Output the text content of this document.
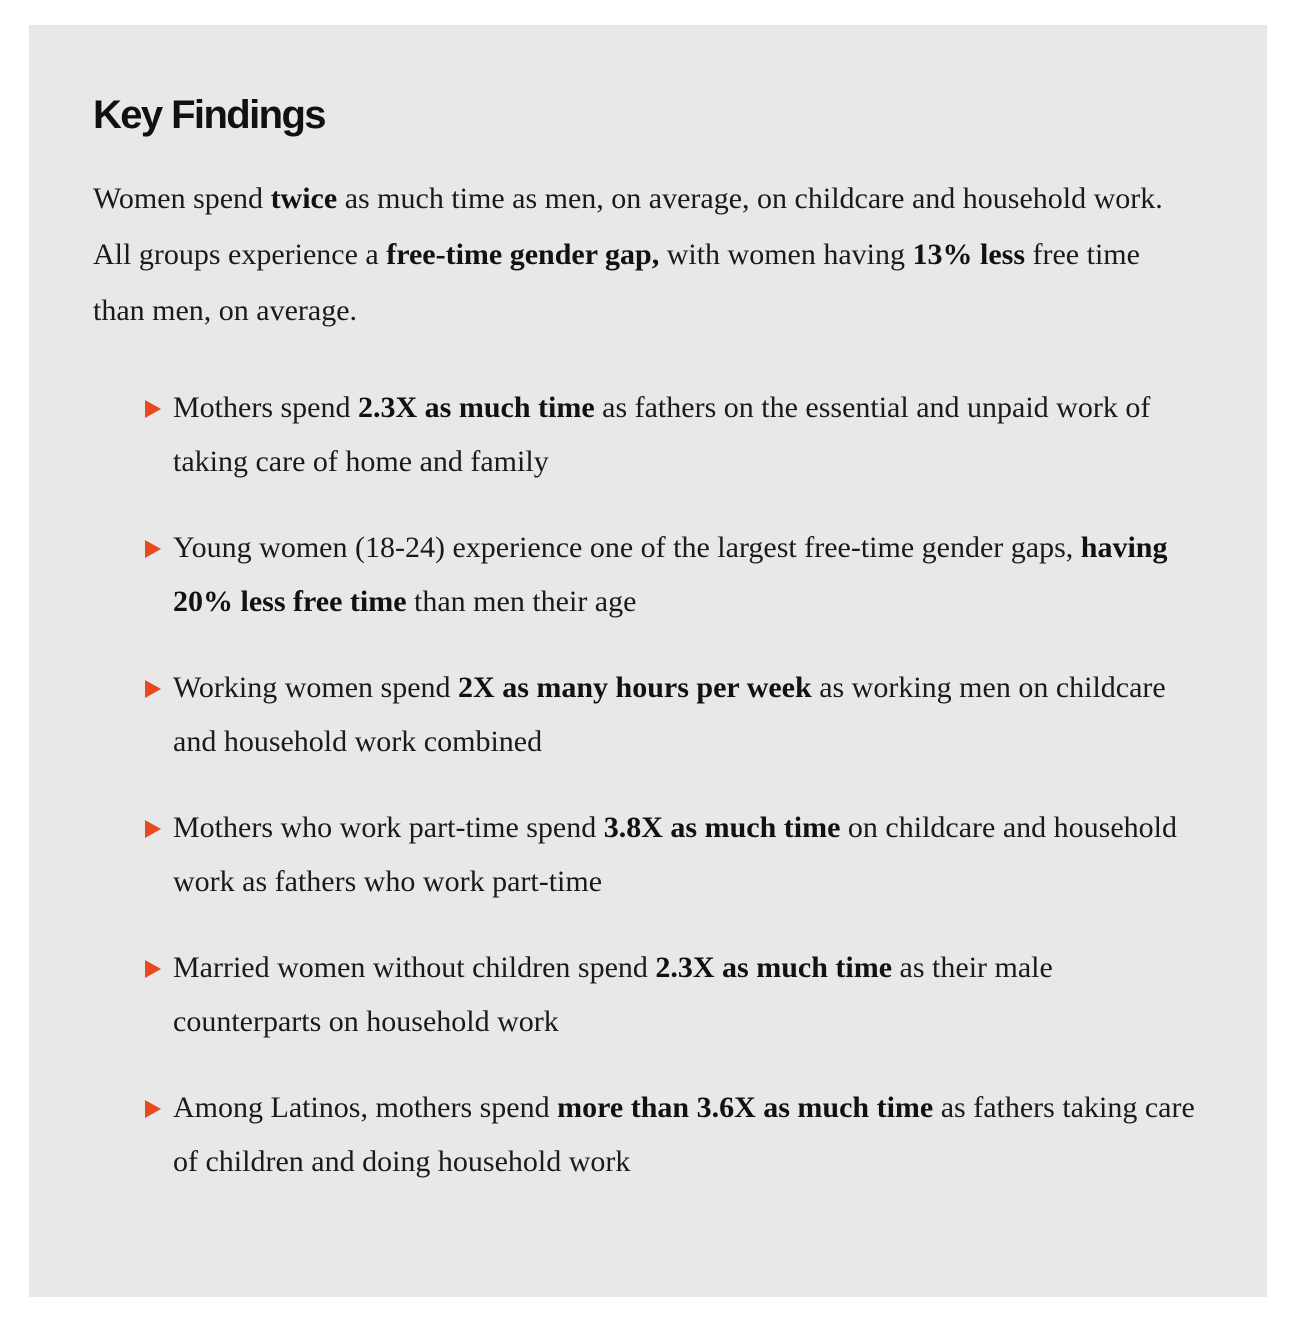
Key Findings

Women spend twice as much time as men, on average, on childcare and household work. All groups experience a free-time gender gap, with women having 13% less free time than men, on average.

Mothers spend 2.3X as much time as fathers on the essential and unpaid work of taking care of home and family
Young women (18-24) experience one of the largest free-time gender gaps, having 20% less free time than men their age
Working women spend 2X as many hours per week as working men on childcare and household work combined
Mothers who work part-time spend 3.8X as much time on childcare and household work as fathers who work part-time
Married women without children spend 2.3X as much time as their male counterparts on household work
Among Latinos, mothers spend more than 3.6X as much time as fathers taking care of children and doing household work
